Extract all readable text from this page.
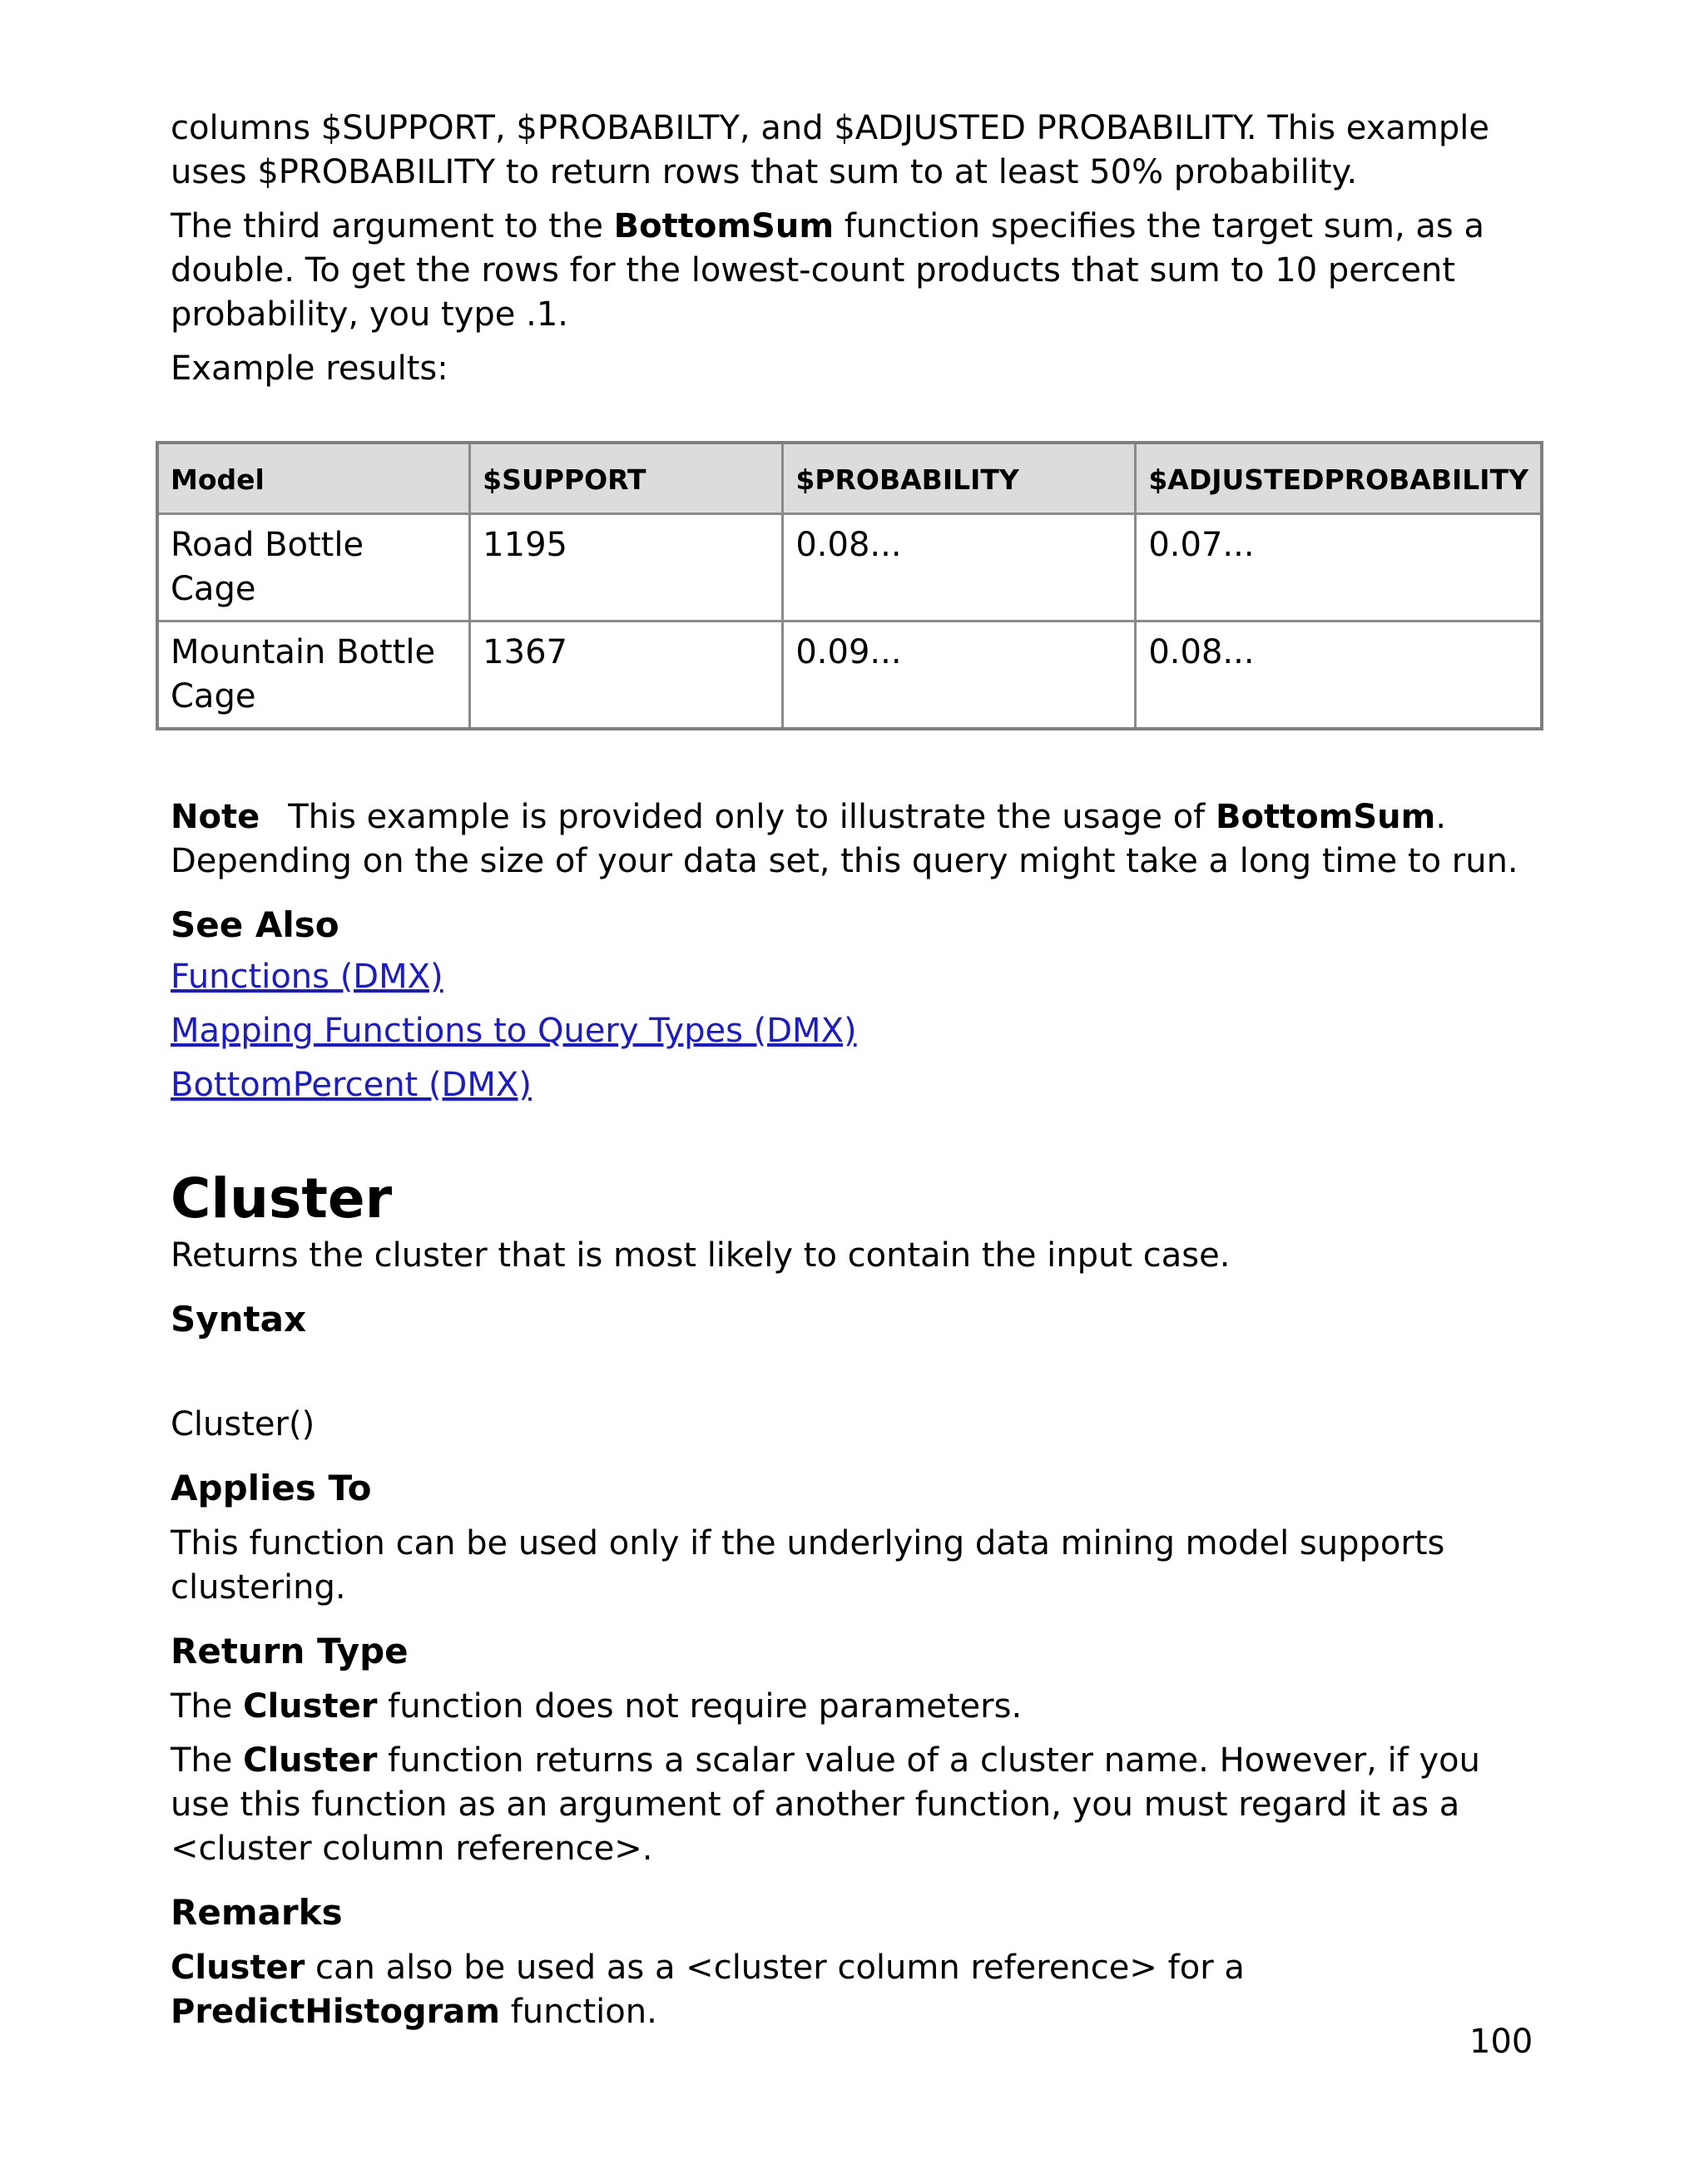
columns $SUPPORT, $PROBABILTY, and $ADJUSTED PROBABILITY. This example uses $PROBABILITY to return rows that sum to at least 50% probability.

The third argument to the BottomSum function specifies the target sum, as a double. To get the rows for the lowest-count products that sum to 10 percent probability, you type .1.

Example results:

Model	$SUPPORT	$PROBABILITY	$ADJUSTEDPROBABILITY
Road Bottle Cage	1195	0.08...	0.07...
Mountain Bottle Cage	1367	0.09...	0.08...

Note This example is provided only to illustrate the usage of BottomSum. Depending on the size of your data set, this query might take a long time to run.

See Also

Functions (DMX)

Mapping Functions to Query Types (DMX)

BottomPercent (DMX)

Cluster

Returns the cluster that is most likely to contain the input case.

Syntax

Cluster()

Applies To

This function can be used only if the underlying data mining model supports clustering.

Return Type

The Cluster function does not require parameters.

The Cluster function returns a scalar value of a cluster name. However, if you use this function as an argument of another function, you must regard it as a <cluster column reference>.

Remarks

Cluster can also be used as a <cluster column reference> for a PredictHistogram function.

100
